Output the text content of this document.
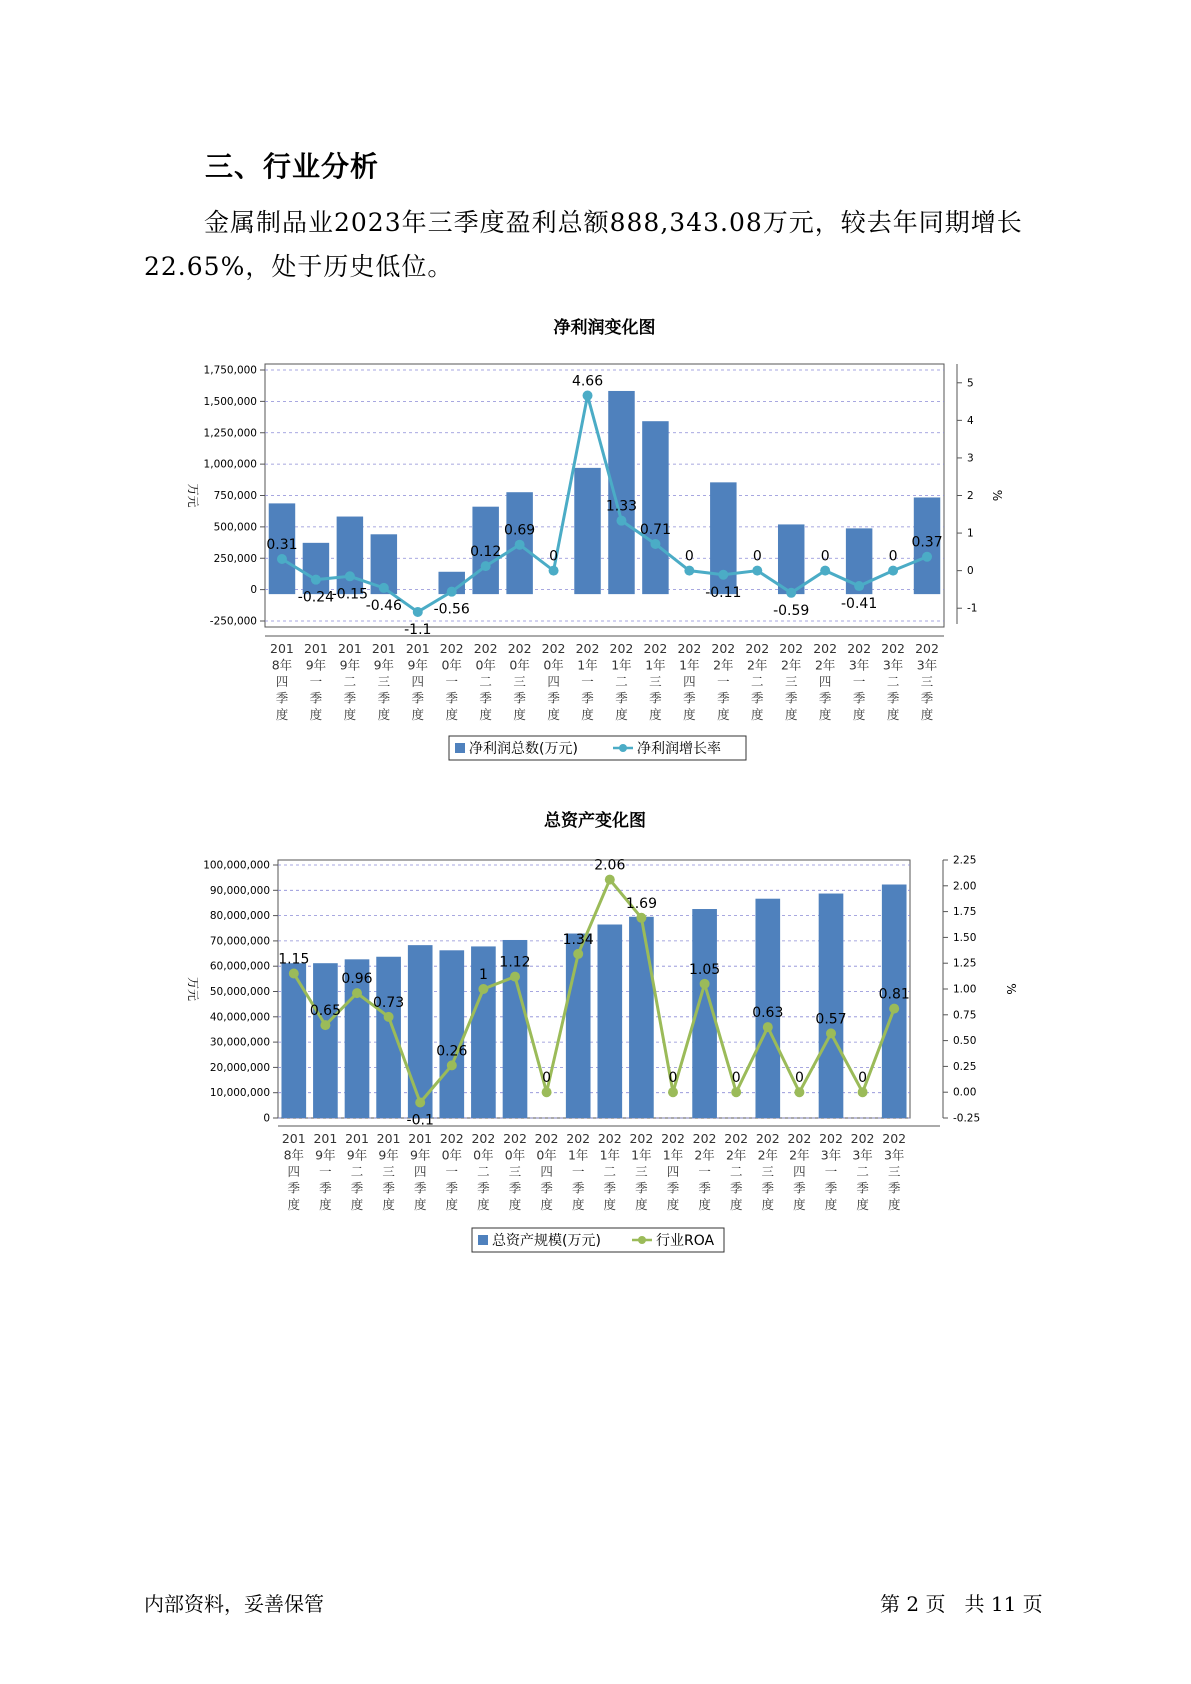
三、行业分析

金属制品业2023年三季度盈利总额888,343.08万元，较去年同期增长22.65%，处于历史低位。

净利润变化图
1,750,000
1,500,000
1,250,000
1,000,000
750,000
500,000
250,000
0
-250,000
5
4
3
2
1
0
-1
万元	%
0.31
-0.24
-0.15
-0.46
-1.1
-0.56
0.12
0.69
0
4.66
1.33
0.71
0
-0.11
0
-0.59
0
-0.41
0
0.37
201
8年
四
季
度
201
9年
一
季
度
201
9年
二
季
度
201
9年
三
季
度
201
9年
四
季
度
202
0年
一
季
度
202
0年
二
季
度
202
0年
三
季
度
202
0年
四
季
度
202
1年
一
季
度
202
1年
二
季
度
202
1年
三
季
度
202
1年
四
季
度
202
2年
一
季
度
202
2年
二
季
度
202
2年
三
季
度
202
2年
四
季
度
202
3年
一
季
度
202
3年
二
季
度
202
3年
三
季
度
净利润总数(万元)	净利润增长率
总资产变化图
100,000,000
90,000,000
80,000,000
70,000,000
60,000,000
50,000,000
40,000,000
30,000,000
20,000,000
10,000,000
0
2.25
2.00
1.75
1.50
1.25
1.00
0.75
0.50
0.25
0.00
-0.25
万元	%
1.15
0.65
0.96
0.73
-0.1
0.26
1
1.12
0
1.34
2.06
1.69
0
1.05
0
0.63
0
0.57
0
0.81
201
8年
四
季
度
201
9年
一
季
度
201
9年
二
季
度
201
9年
三
季
度
201
9年
四
季
度
202
0年
一
季
度
202
0年
二
季
度
202
0年
三
季
度
202
0年
四
季
度
202
1年
一
季
度
202
1年
二
季
度
202
1年
三
季
度
202
1年
四
季
度
202
2年
一
季
度
202
2年
二
季
度
202
2年
三
季
度
202
2年
四
季
度
202
3年
一
季
度
202
3年
二
季
度
202
3年
三
季
度
总资产规模(万元)	行业ROA
内部资料，妥善保管	第 2 页   共 11 页
